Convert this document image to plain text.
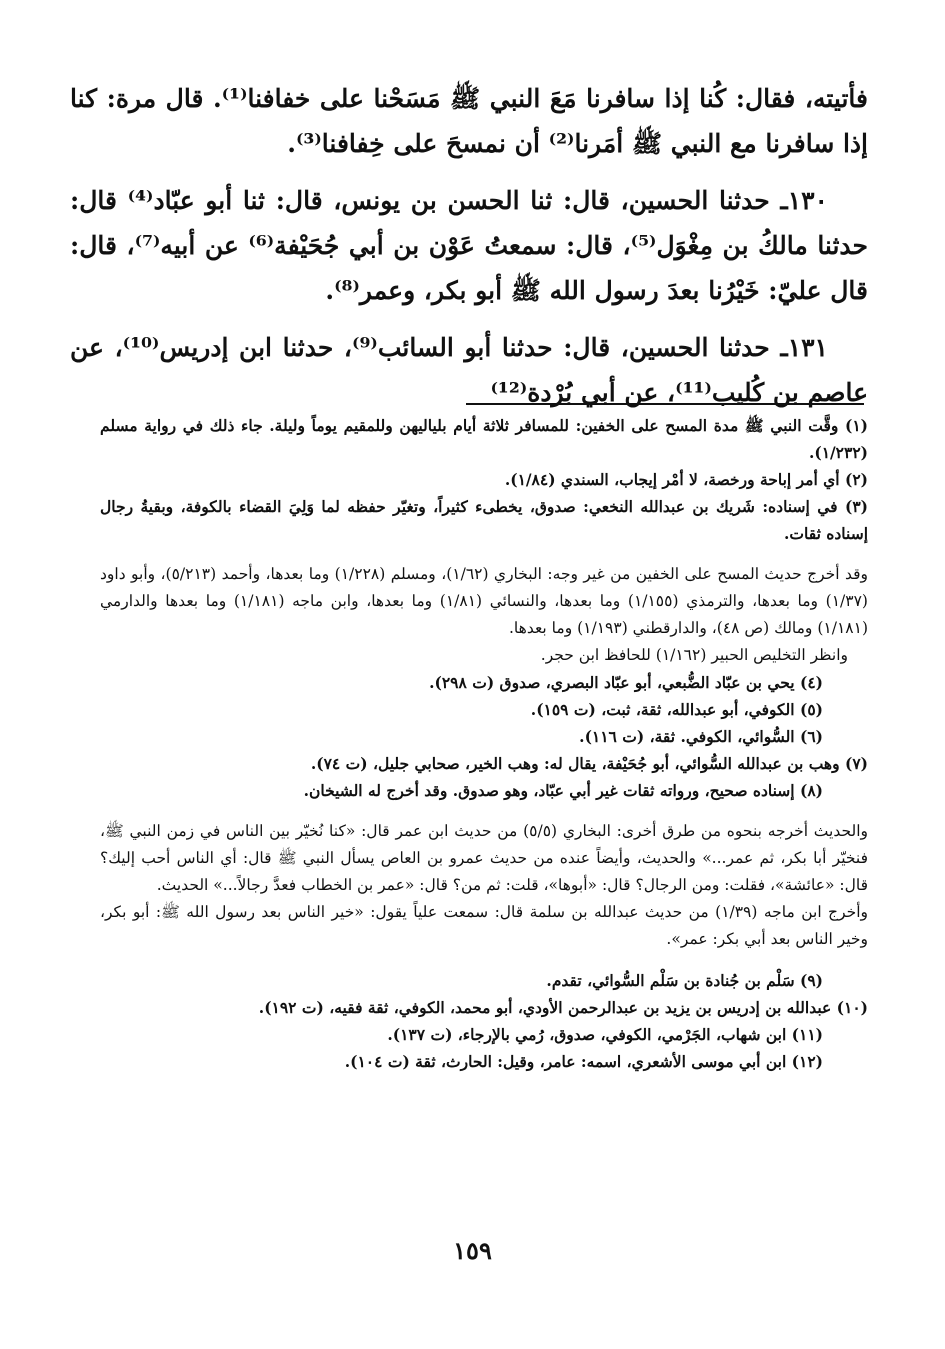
فأتيته، فقال: كُنا إذا سافرنا مَعَ النبي ﷺ مَسَحْنا على خفافنا⁽¹⁾. قال مرة: كنا إذا سافرنا مع النبي ﷺ أمَرنا⁽²⁾ أن نمسحَ على خِفافنا⁽³⁾.

١٣٠ـ حدثنا الحسين، قال: ثنا الحسن بن يونس، قال: ثنا أبو عبّاد⁽⁴⁾ قال: حدثنا مالكُ بن مِغْوَل⁽⁵⁾، قال: سمعتُ عَوْن بن أبي جُحَيْفة⁽⁶⁾ عن أبيه⁽⁷⁾، قال: قال عليّ: خَيْرُنا بعدَ رسول الله ﷺ أبو بكر، وعمر⁽⁸⁾.

١٣١ـ حدثنا الحسين، قال: حدثنا أبو السائب⁽⁹⁾، حدثنا ابن إدريس⁽¹⁰⁾، عن عاصم بن كُليب⁽¹¹⁾، عن أبي بُرْدة⁽¹²⁾

(١) وقَّت النبي ﷺ مدة المسح على الخفين: للمسافر ثلاثة أيام بلياليهن وللمقيم يوماً وليلة. جاء ذلك في رواية مسلم (١/٢٣٢).

(٢) أي أمر إباحة ورخصة، لا أمْر إيجاب، السندي (١/٨٤).

(٣) في إسناده: شَريك بن عبدالله النخعي: صدوق، يخطىء كثيراً، وتغيّر حفظه لما وَلِيَ القضاء بالكوفة، وبقيةُ رجال إسناده ثقات.

وقد أخرج حديث المسح على الخفين من غير وجه: البخاري (١/٦٢)، ومسلم (١/٢٢٨) وما بعدها، وأحمد (٥/٢١٣)، وأبو داود (١/٣٧) وما بعدها، والترمذي (١/١٥٥) وما بعدها، والنسائي (١/٨١) وما بعدها، وابن ماجه (١/١٨١) وما بعدها والدارمي (١/١٨١) ومالك (ص ٤٨)، والدارقطني (١/١٩٣) وما بعدها.

وانظر التخليص الحبير (١/١٦٢) للحافظ ابن حجر.

(٤) يحي بن عبّاد الضُّبعي، أبو عبّاد البصري، صدوق (ت ٢٩٨).

(٥) الكوفي، أبو عبدالله، ثقة، ثبت، (ت ١٥٩).

(٦) السُّوائي، الكوفي. ثقة، (ت ١١٦).

(٧) وهب بن عبدالله السُّوائي، أبو جُحَيْفة، يقال له: وهب الخير، صحابي جليل، (ت ٧٤).

(٨) إسناده صحيح، ورواته ثقات غير أبي عبّاد، وهو صدوق. وقد أخرج له الشيخان.

والحديث أخرجه بنحوه من طرق أخرى: البخاري (٥/٥) من حديث ابن عمر قال: «كنا نُخيّر بين الناس في زمن النبي ﷺ، فنخيّر أبا بكر، ثم عمر...» والحديث، وأيضاً عنده من حديث عمرو بن العاص يسأل النبي ﷺ قال: أي الناس أحب إليك؟ قال: «عائشة»، فقلت: ومن الرجال؟ قال: «أبوها»، قلت: ثم من؟ قال: «عمر بن الخطاب فعدَّ رجالاً...» الحديث.

وأخرج ابن ماجه (١/٣٩) من حديث عبدالله بن سلمة قال: سمعت علياً يقول: «خير الناس بعد رسول الله ﷺ: أبو بكر، وخير الناس بعد أبي بكر: عمر».

(٩) سَلْم بن جُنادة بن سَلْم السُّوائي، تقدم.

(١٠) عبدالله بن إدريس بن يزيد بن عبدالرحمن الأودي، أبو محمد، الكوفي، ثقة فقيه، (ت ١٩٢).

(١١) ابن شهاب، الجَرْمي، الكوفي، صدوق، رُمي بالإرجاء، (ت ١٣٧).

(١٢) ابن أبي موسى الأشعري، اسمه: عامر، وقيل: الحارث، ثقة (ت ١٠٤).

١٥٩
